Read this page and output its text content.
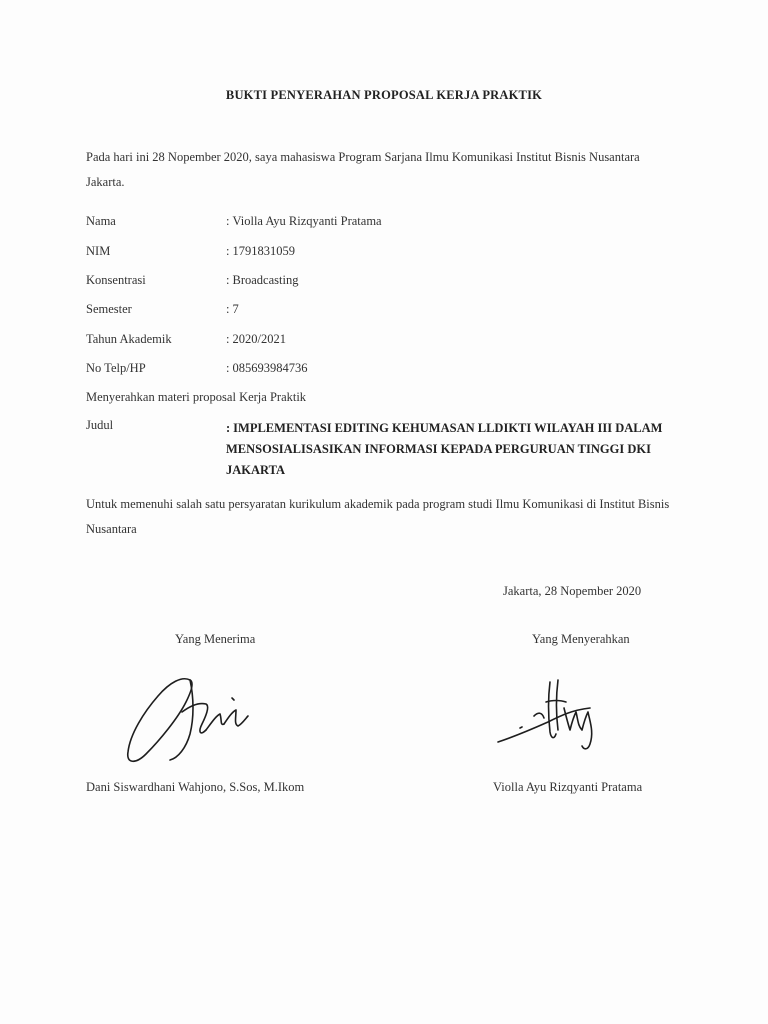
BUKTI PENYERAHAN PROPOSAL KERJA PRAKTIK
Pada hari ini 28 Nopember 2020, saya mahasiswa Program Sarjana Ilmu Komunikasi Institut Bisnis Nusantara Jakarta.
Nama	: Violla Ayu Rizqyanti Pratama
NIM	: 1791831059
Konsentrasi	: Broadcasting
Semester	: 7
Tahun Akademik	: 2020/2021
No Telp/HP	: 085693984736
Menyerahkan materi proposal Kerja Praktik
Judul	: IMPLEMENTASI EDITING KEHUMASAN LLDIKTI WILAYAH III DALAM MENSOSIALISASIKAN INFORMASI KEPADA PERGURUAN TINGGI DKI JAKARTA
Untuk memenuhi salah satu persyaratan kurikulum akademik pada program studi Ilmu Komunikasi di Institut Bisnis Nusantara
Jakarta, 28 Nopember 2020
Yang Menerima	Yang Menyerahkan
Dani Siswardhani Wahjono, S.Sos, M.Ikom	Violla Ayu Rizqyanti Pratama
